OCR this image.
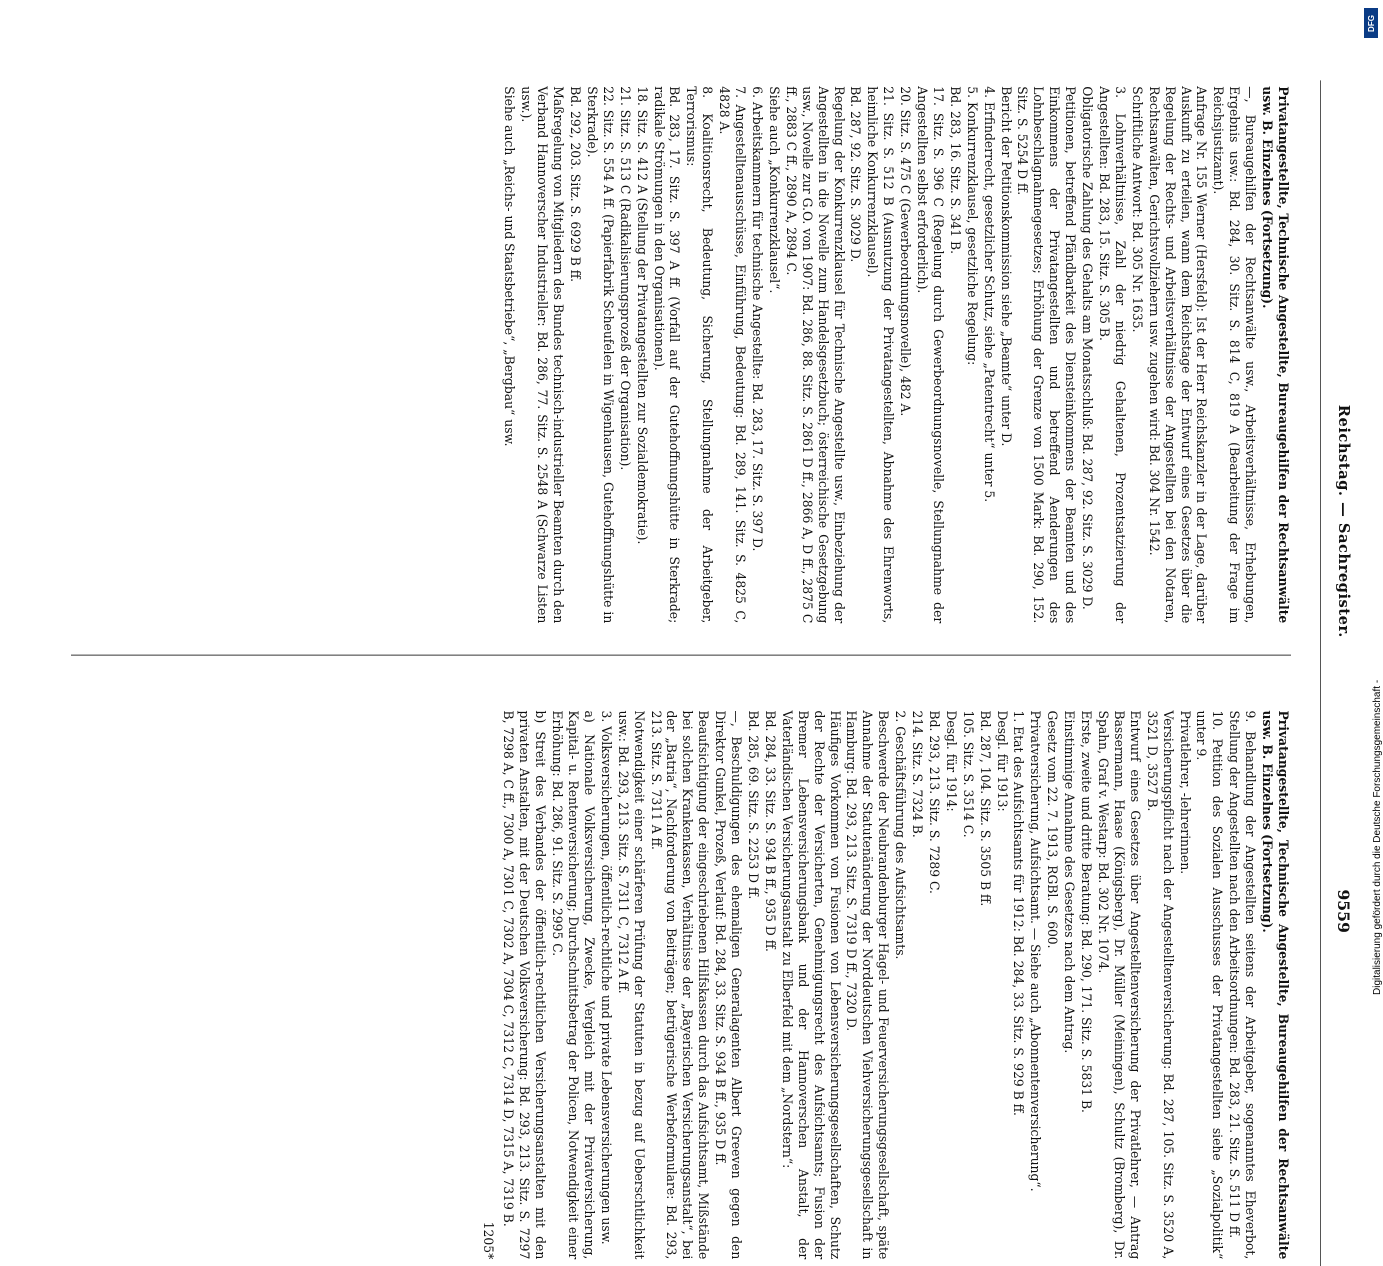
Reichstag. — Sachregister.
9559

Privatangestellte, Technische Angestellte, Bureaugehilfen der Rechtsanwälte usw. B. Einzelnes (Fortsetzung).

—, Bureaugehilfen der Rechtsanwälte usw., Arbeitsverhältnisse, Erhebungen, Ergebnis usw.: Bd. 284, 30. Sitz. S. 814 C, 819 A (Bearbeitung der Frage im Reichsjustizamt).

Anfrage Nr. 155 Werner (Hersfeld): Ist der Herr Reichskanzler in der Lage, darüber Auskunft zu erteilen, wann dem Reichstage der Entwurf eines Gesetzes über die Regelung der Rechts- und Arbeitsverhältnisse der Angestellten bei den Notaren, Rechtsanwälten, Gerichtsvollziehern usw. zugehen wird: Bd. 304 Nr. 1542.

Schriftliche Antwort: Bd. 305 Nr. 1635.

3. Lohnverhältnisse, Zahl der niedrig Gehaltenen, Prozentsatzierung der Angestellten: Bd. 283, 15. Sitz. S. 305 B.

Obligatorische Zahlung des Gehalts am Monatsschluß: Bd. 287, 92. Sitz. S. 3029 D.

Petitionen, betreffend Pfändbarkeit des Diensteinkommens der Beamten und des Einkommens der Privatangestellten und betreffend Aenderungen des Lohnbeschlagnahmegesetzes; Erhöhung der Grenze von 1500 Mark: Bd. 290, 152. Sitz. S. 5254 D ff.

Bericht der Petitionskommission siehe „Beamte“ unter D.

4. Erfinderrecht, gesetzlicher Schutz, siehe „Patentrecht“ unter 5.

5. Konkurrenzklausel, gesetzliche Regelung:

Bd. 283, 16. Sitz. S. 341 B.

17. Sitz. S. 396 C (Regelung durch Gewerbeordnungsnovelle, Stellungnahme der Angestellten selbst erforderlich).

20. Sitz. S. 475 C (Gewerbeordnungsnovelle), 482 A.

21. Sitz. S. 512 B (Ausnutzung der Privatangestellten, Abnahme des Ehrenworts, heimliche Konkurrenzklausel).

Bd. 287, 92. Sitz. S. 3029 D.

Regelung der Konkurrenzklausel für Technische Angestellte usw., Einbeziehung der Angestellten in die Novelle zum Handelsgesetzbuch; österreichische Gesetzgebung usw., Novelle zur G.O. von 1907: Bd. 286, 88. Sitz. S. 2861 D ff., 2866 A, D ff., 2875 C ff., 2883 C ff., 2890 A, 2894 C.

Siehe auch „Konkurrenzklausel“.

6. Arbeitskammern für technische Angestellte: Bd. 283, 17. Sitz. S. 397 D.

7. Angestelltenausschüsse, Einführung, Bedeutung: Bd. 289, 141. Sitz. S. 4825 C, 4828 A.

8. Koalitionsrecht, Bedeutung, Sicherung, Stellungnahme der Arbeitgeber, Terrorismus:

Bd. 283, 17. Sitz. S. 397 A ff. (Vorfall auf der Gutehoffnungshütte in Sterkrade; radikale Strömungen in den Organisationen).

18. Sitz. S. 412 A (Stellung der Privatangestellten zur Sozialdemokratie).

21. Sitz. S. 513 C (Radikalisierungsprozeß der Organisation).

22. Sitz. S. 554 A ff. (Papierfabrik Scheufelen in Wigenhausen, Gutehoffnungshütte in Sterkrade).

Bd. 292, 203. Sitz. S. 6929 B ff.

Maßregelung von Mitgliedern des Bundes technisch-industrieller Beamten durch den Verband Hannoverscher Industrieller: Bd. 286, 77. Sitz. S. 2548 A (Schwarze Listen usw.).

Siehe auch „Reichs- und Staatsbetriebe“, „Bergbau“ usw.

Privatangestellte, Technische Angestellte, Bureaugehilfen der Rechtsanwälte usw. B. Einzelnes (Fortsetzung).

9. Behandlung der Angestellten seitens der Arbeitgeber, sogenanntes Eheverbot, Stellung der Angestellten nach den Arbeitsordnungen: Bd. 283, 21. Sitz. S. 511 D ff.

10. Petition des Sozialen Ausschusses der Privatangestellten siehe „Sozialpolitik“ unter 9.

Privatlehrer, -lehrerinnen.

Versicherungspflicht nach der Angestelltenversicherung: Bd. 287, 105. Sitz. S. 3520 A, 3521 D, 3527 B.

Entwurf eines Gesetzes über Angestelltenversicherung der Privatlehrer, — Antrag Bassermann, Haase (Königsberg), Dr. Müller (Meiningen), Schultz (Bromberg), Dr. Spahn, Graf v. Westarp: Bd. 302 Nr. 1074.

Erste, zweite und dritte Beratung: Bd. 290, 171. Sitz. S. 5831 B.

Einstimmige Annahme des Gesetzes nach dem Antrag.

Gesetz vom 22. 7. 1913, RGBl. S. 600.

Privatversicherung, Aufsichtsamt. — Siehe auch „Abonnentenversicherung“.

1. Etat des Aufsichtsamts für 1912: Bd. 284, 33. Sitz. S. 929 B ff.

Desgl. für 1913:

Bd. 287, 104. Sitz. S. 3505 B ff.

105. Sitz. S. 3514 C.

Desgl. für 1914:

Bd. 293, 213. Sitz. S. 7289 C.

214. Sitz. S. 7324 B.

2. Geschäftsführung des Aufsichtsamts.

Beschwerde der Neubrandenburger Hagel- und Feuerversicherungsgesellschaft, späte Annahme der Statutenänderung der Norddeutschen Viehversicherungsgesellschaft in Hamburg: Bd. 293, 213. Sitz. S. 7319 D ff., 7320 D.

Häufiges Vorkommen von Fusionen von Lebensversicherungsgesellschaften, Schutz der Rechte der Versicherten, Genehmigungsrecht des Aufsichtsamts; Fusion der Bremer Lebensversicherungsbank und der Hannoverschen Anstalt, der Vaterländischen Versicherungsanstalt zu Elberfeld mit dem „Nordstern“:

Bd. 284, 33. Sitz. S. 934 B ff., 935 D ff.

Bd. 285, 69. Sitz. S. 2253 D ff.

—, Beschuldigungen des ehemaligen Generalagenten Albert Greeven gegen den Direktor Gunkel, Prozeß, Verlauf: Bd. 284, 33. Sitz. S. 934 B ff., 935 D ff.

Beaufsichtigung der eingeschriebenen Hilfskassen durch das Aufsichtsamt, Mißstände bei solchen Krankenkassen, Verhältnisse der „Bayerischen Versicherungsanstalt“, bei der „Batria“, Nachforderung von Beiträgen; betrügerische Werbeformulare: Bd. 293, 213. Sitz. S. 7311 A ff.

Notwendigkeit einer schärferen Prüfung der Statuten in bezug auf Ueberschtlichkeit usw.: Bd. 293, 213. Sitz. S. 7311 C, 7312 A ff.

3. Volksversicherungen, öffentlich-rechtliche und private Lebensversicherungen usw.

a) Nationale Volksversicherung, Zwecke, Vergleich mit der Privatversicherung, Kapital- u. Rentenversicherung; Durchschnittsbetrag der Policen, Notwendigkeit einer Erhöhung: Bd. 286, 91. Sitz. S. 2995 C.

b) Streit des Verbandes der öffentlich-rechtlichen Versicherungsanstalten mit den privaten Anstalten, mit der Deutschen Volksversicherung: Bd. 293, 213. Sitz. S. 7297 B, 7298 A, C ff., 7300 A, 7301 C, 7302 A, 7304 C, 7312 C, 7314 D, 7315 A, 7319 B.

1205*

Digitalisierung gefördert durch die Deutsche Forschungsgemeinschaft -
DFG
